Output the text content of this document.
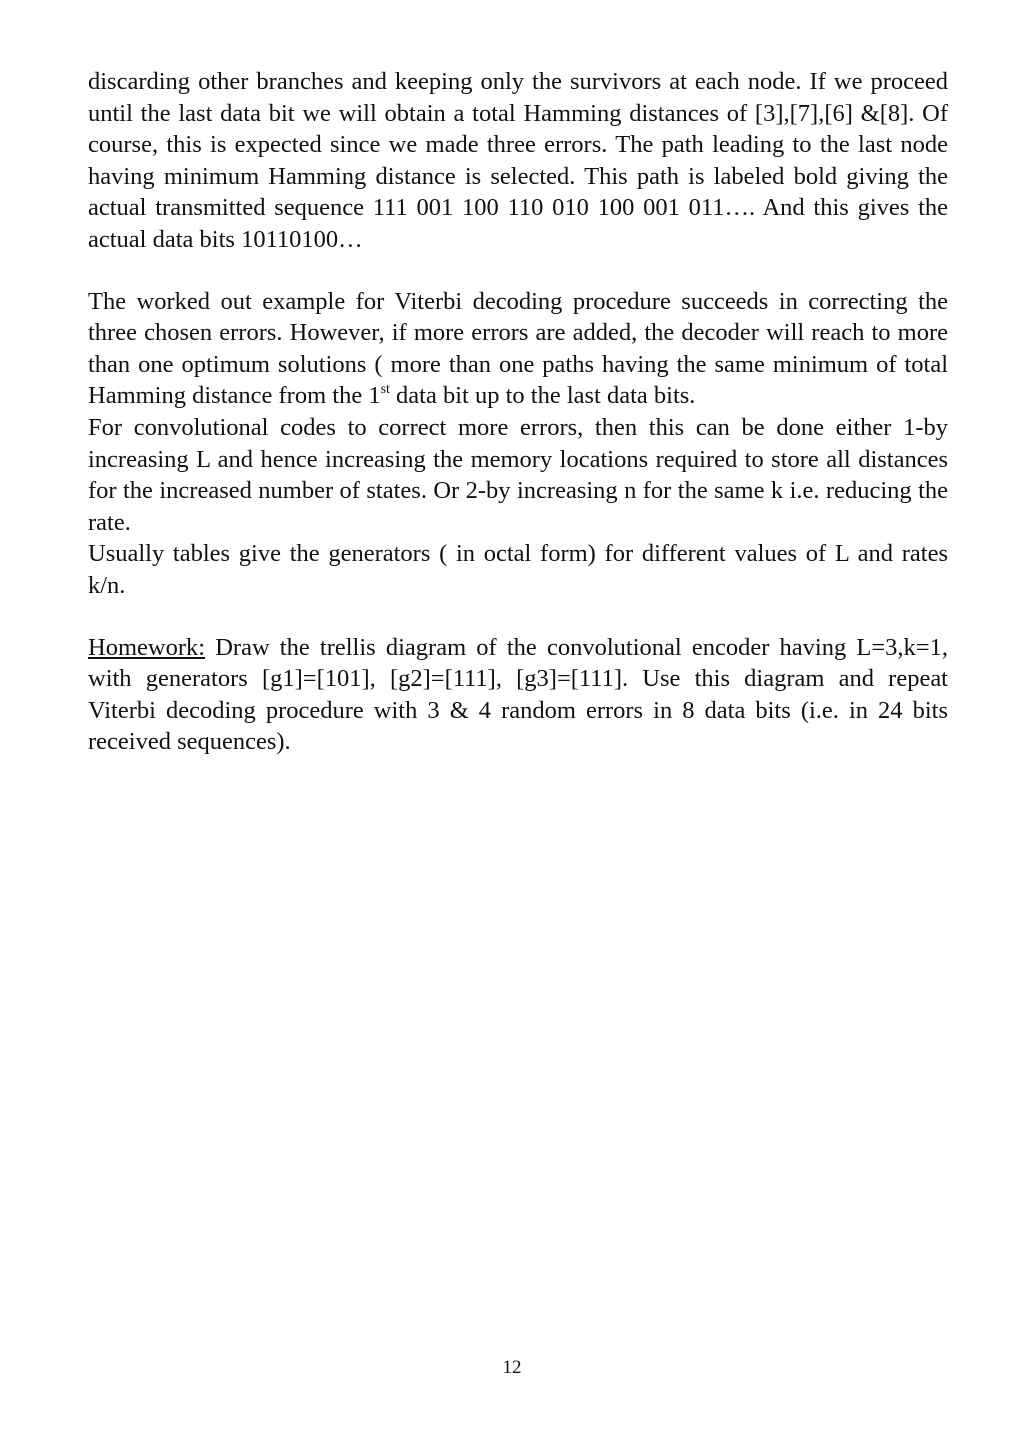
discarding other branches and keeping only the survivors at each node. If we proceed until the last data bit we will obtain a total Hamming distances of [3],[7],[6] &[8]. Of course, this is expected since we made three errors. The path leading to the last node having minimum Hamming distance is selected. This path is labeled bold giving the actual transmitted sequence 111 001 100 110 010 100 001 011…. And this gives the actual data bits 10110100…

The worked out example for Viterbi decoding procedure succeeds in correcting the three chosen errors. However, if more errors are added, the decoder will reach to more than one optimum solutions ( more than one paths having the same minimum of total Hamming distance from the 1st data bit up to the last data bits.

For convolutional codes to correct more errors, then this can be done either 1-by increasing L and hence increasing the memory locations required to store all distances for the increased number of states. Or 2-by increasing n for the same k i.e. reducing the rate.

Usually tables give the generators ( in octal form) for different values of L and rates k/n.

Homework: Draw the trellis diagram of the convolutional encoder having L=3,k=1, with generators [g1]=[101], [g2]=[111], [g3]=[111]. Use this diagram and repeat Viterbi decoding procedure with 3 & 4 random errors in 8 data bits (i.e. in 24 bits received sequences).

12
